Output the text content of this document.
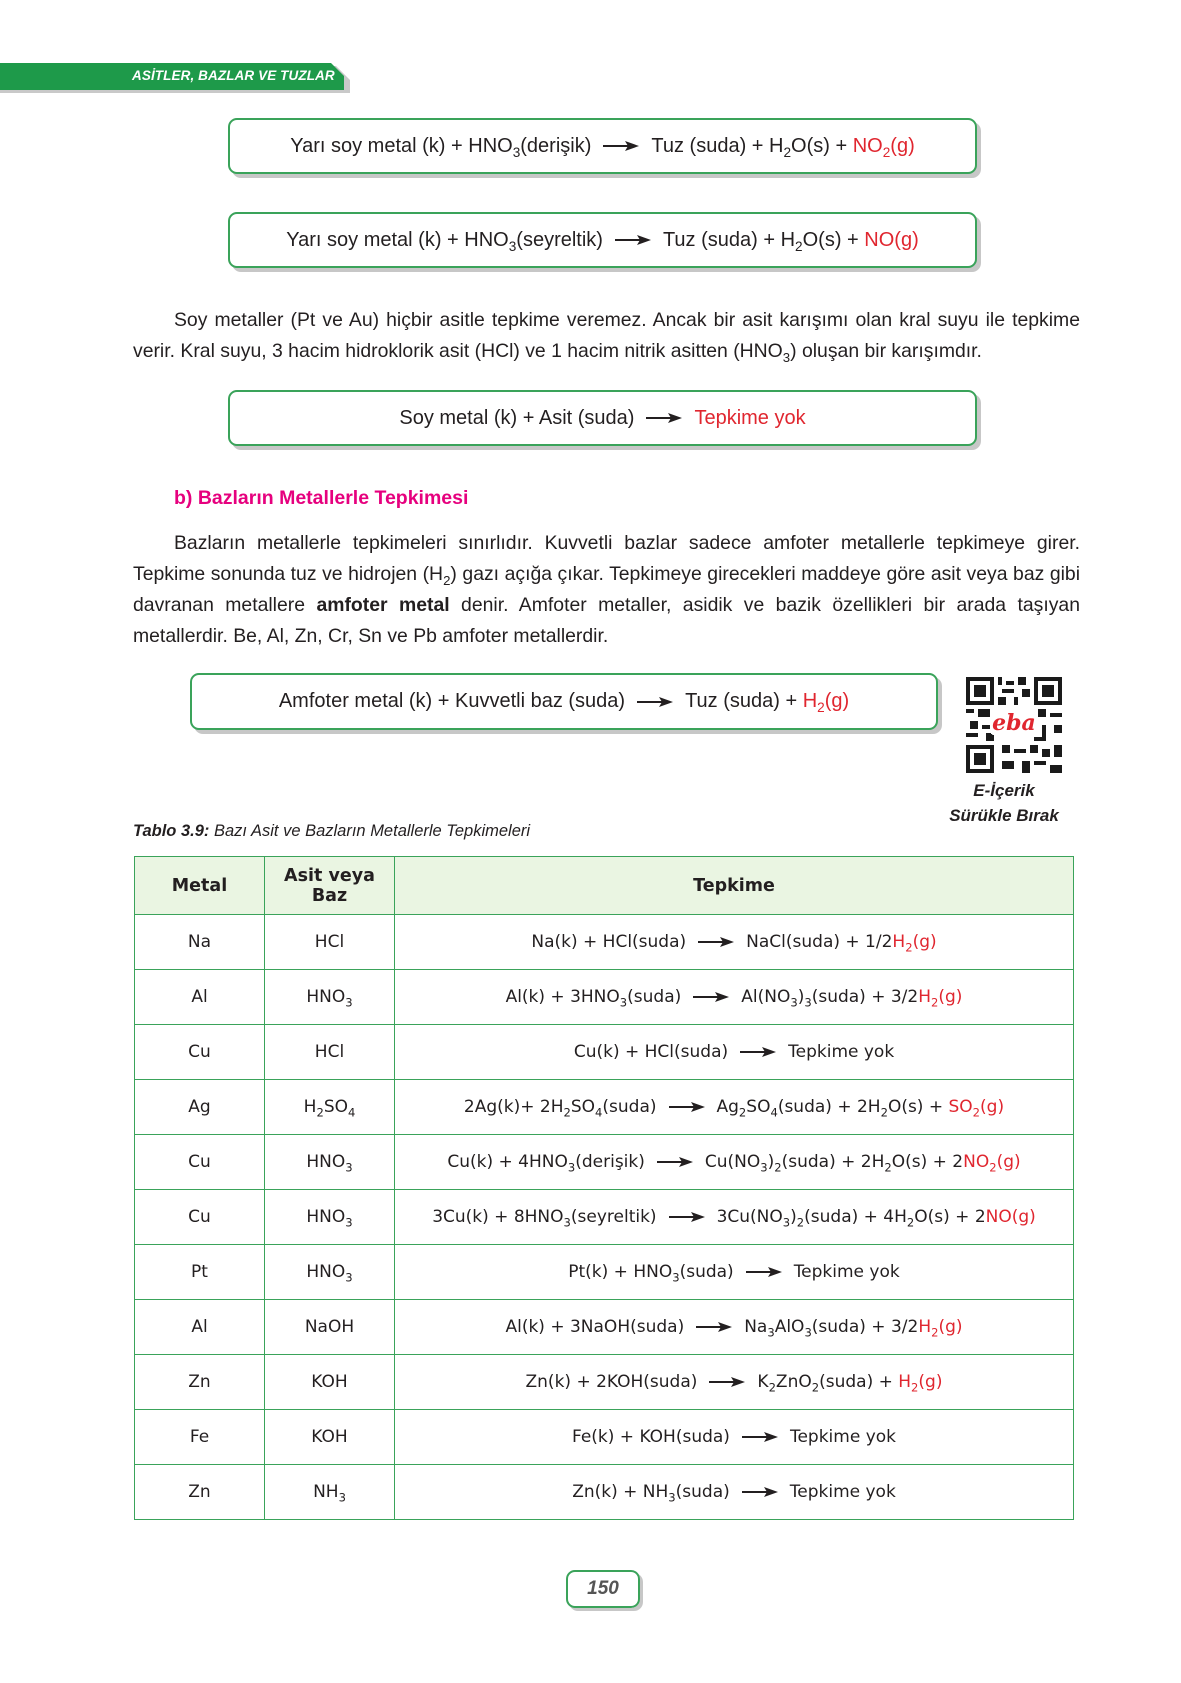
ASİTLER, BAZLAR VE TUZLAR
Yarı soy metal $(k) + HNO_3(derişik)$ → Tuz (suda) + $H_2O(s) + NO_2(g)$
Yarı soy metal $(k) + HNO_3(seyreltik)$ → Tuz (suda) + $H_2O(s) + NO(g)$

Soy metaller (Pt ve Au) hiçbir asitle tepkime veremez. Ancak bir asit karışımı olan kral suyu ile tepkime verir. Kral suyu, 3 hacim hidroklorik asit (HCl) ve 1 hacim nitrik asitten $(HNO_3)$ oluşan bir karışımdır.

Soy metal (k) + Asit (suda) → Tepkime yok
b) Bazların Metallerle Tepkimesi

Bazların metallerle tepkimeleri sınırlıdır. Kuvvetli bazlar sadece amfoter metallerle tepkimeye girer. Tepkime sonunda tuz ve hidrojen $(H_2)$ gazı açığa çıkar. Tepkimeye girecekleri maddeye göre asit veya baz gibi davranan metallere amfoter metal denir. Amfoter metaller, asidik ve bazik özellikleri bir arada taşıyan metallerdir. Be, Al, Zn, Cr, Sn ve Pb amfoter metallerdir.

Amfoter metal (k) + Kuvvetli baz (suda) → Tuz (suda) + $H_2(g)$
eba
E-İçerik
Sürükle Bırak
Tablo 3.9: Bazı Asit ve Bazların Metallerle Tepkimeleri
Metal	Asit veya Baz	Tepkime
Na	HCl	Na(k) + HCl(suda) → NaCl(suda) + $1/2H_2(g)$
Al	$HNO_3$	$Al(k) + 3HNO_3(suda)$ → $Al(NO_3)_3(suda) + 3/2H_2(g)$
Cu	HCl	Cu(k) + HCl(suda) → Tepkime yok
Ag	$H_2SO_4$	$2Ag(k)+ 2H_2SO_4(suda)$ → $Ag_2SO_4(suda) + 2H_2O(s) + SO_2(g)$
Cu	$HNO_3$	$Cu(k) + 4HNO_3(derişik)$ → $Cu(NO_3)_2(suda) + 2H_2O(s) + 2NO_2(g)$
Cu	$HNO_3$	$3Cu(k) + 8HNO_3(seyreltik)$ → $3Cu(NO_3)_2(suda) + 4H_2O(s) + 2NO(g)$
Pt	$HNO_3$	$Pt(k) + HNO_3(suda)$ → Tepkime yok
Al	NaOH	Al(k) + 3NaOH(suda) → $Na_3AlO_3(suda) + 3/2H_2(g)$
Zn	KOH	Zn(k) + 2KOH(suda) → $K_2ZnO_2(suda) + H_2(g)$
Fe	KOH	Fe(k) + KOH(suda) → Tepkime yok
Zn	$NH_3$	$Zn(k) + NH_3(suda)$ → Tepkime yok
150
